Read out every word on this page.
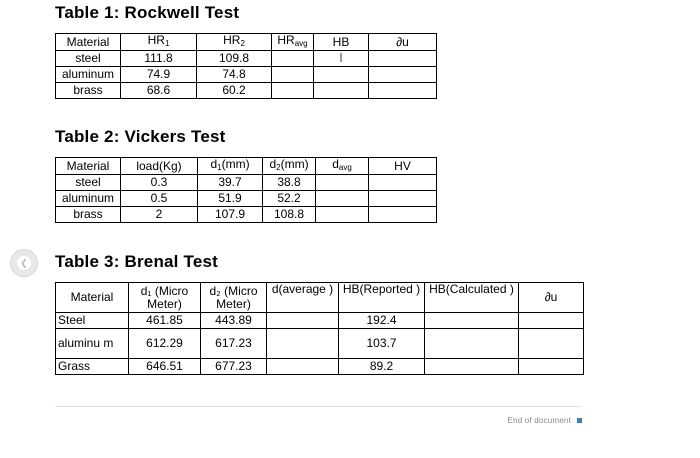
Table 1: Rockwell Test
Material	$HR_1$	$HR_2$	$HR_{avg}$	HB	∂u
steel	111.8	109.8		I	
aluminum	74.9	74.8			
brass	68.6	60.2			
Table 2: Vickers Test
Material	load(Kg)	$d_1(mm)$	$d_2(mm)$	$d_{avg}$	HV
steel	0.3	39.7	38.8		
aluminum	0.5	51.9	52.2		
brass	2	107.9	108.8		
❮ Table 3: Brenal Test
Material	d₁ (Micro Meter)	d₂ (Micro Meter)	d(average )	HB(Reported )	HB(Calculated )	∂u
Steel	461.85	443.89		192.4		
aluminu m	612.29	617.23		103.7		
Grass	646.51	677.23		89.2		
End of document
